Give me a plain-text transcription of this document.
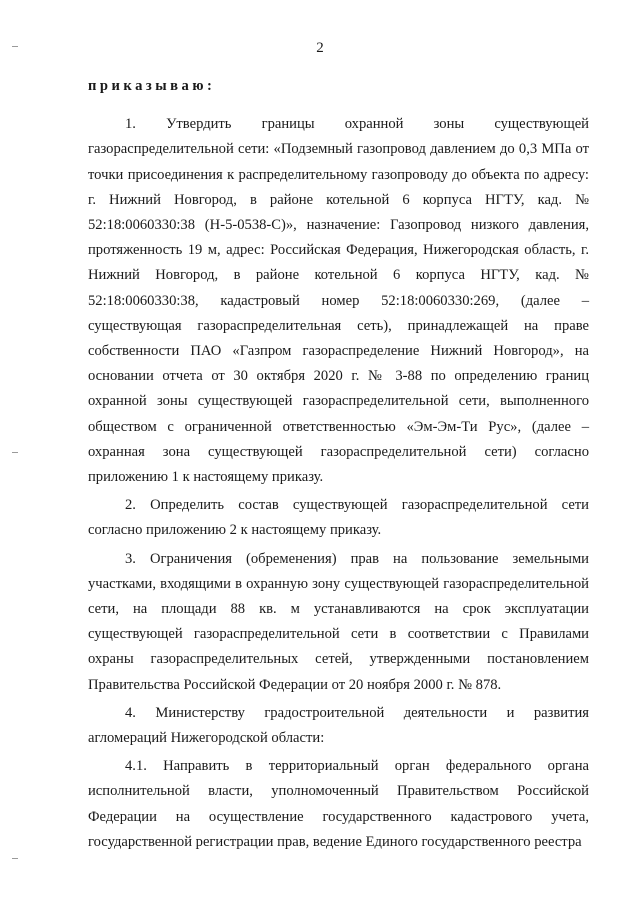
2
приказываю:

1. Утвердить границы охранной зоны существующей газораспределительной сети: «Подземный газопровод давлением до 0,3 МПа от точки присоединения к распределительному газопроводу до объекта по адресу: г. Нижний Новгород, в районе котельной 6 корпуса НГТУ, кад. № 52:18:0060330:38 (Н-5-0538-С)», назначение: Газопровод низкого давления, протяженность 19 м, адрес: Российская Федерация, Нижегородская область, г. Нижний Новгород, в районе котельной 6 корпуса НГТУ, кад. № 52:18:0060330:38, кадастровый номер 52:18:0060330:269, (далее – существующая газораспределительная сеть), принадлежащей на праве собственности ПАО «Газпром газораспределение Нижний Новгород», на основании отчета от 30 октября 2020 г. № 3-88 по определению границ охранной зоны существующей газораспределительной сети, выполненного обществом с ограниченной ответственностью «Эм-Эм-Ти Рус», (далее – охранная зона существующей газораспределительной сети) согласно приложению 1 к настоящему приказу.

2. Определить состав существующей газораспределительной сети согласно приложению 2 к настоящему приказу.

3. Ограничения (обременения) прав на пользование земельными участками, входящими в охранную зону существующей газораспределительной сети, на площади 88 кв. м устанавливаются на срок эксплуатации существующей газораспределительной сети в соответствии с Правилами охраны газораспределительных сетей, утвержденными постановлением Правительства Российской Федерации от 20 ноября 2000 г. № 878.

4. Министерству градостроительной деятельности и развития агломераций Нижегородской области:

4.1. Направить в территориальный орган федерального органа исполнительной власти, уполномоченный Правительством Российской Федерации на осуществление государственного кадастрового учета, государственной регистрации прав, ведение Единого государственного реестра
